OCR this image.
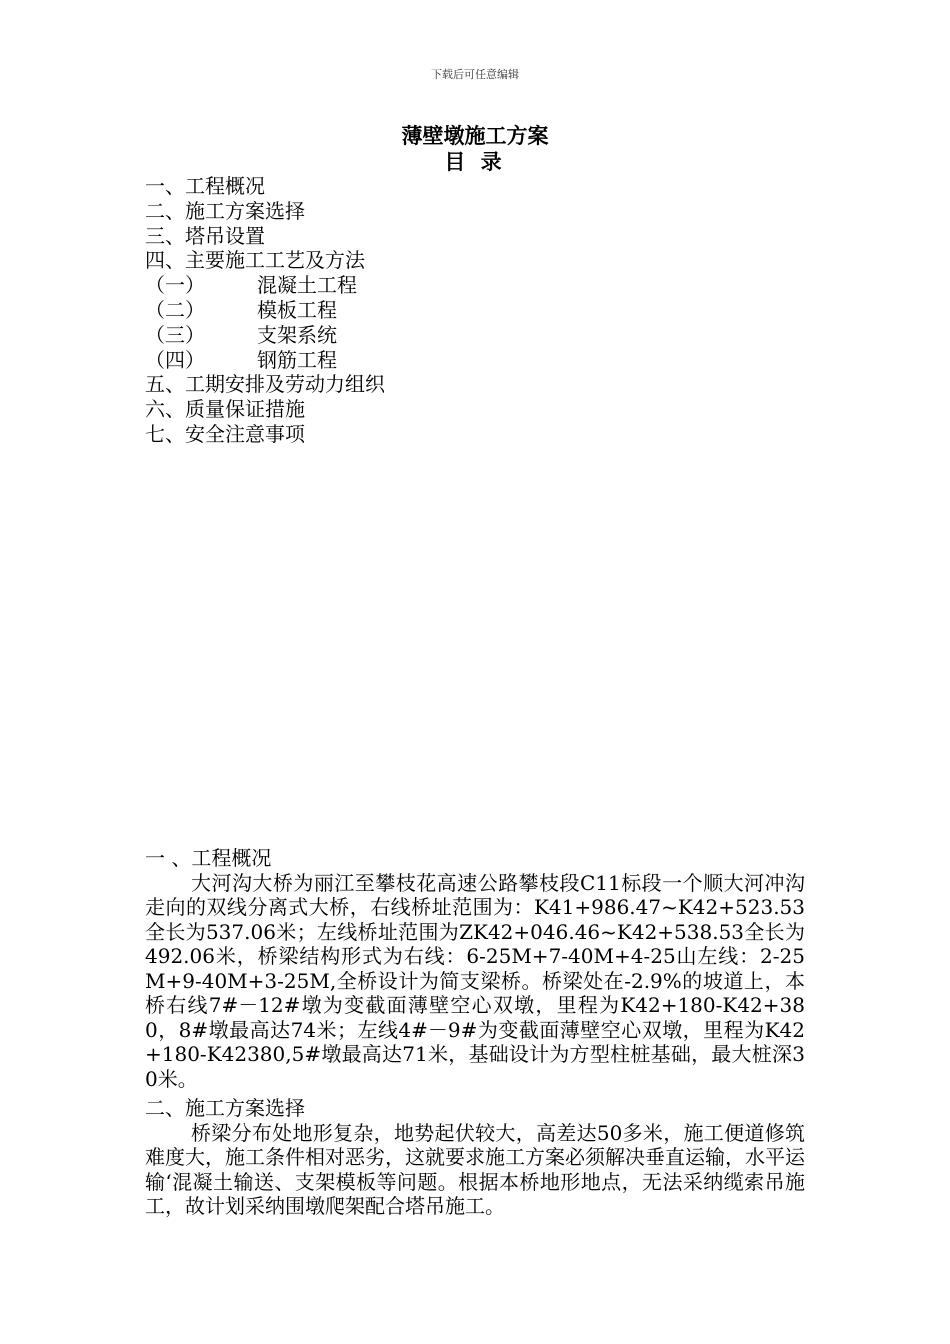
下载后可任意编辑
薄壁墩施工方案
目 录
一、工程概况
二、施工方案选择
三、塔吊设置
四、主要施工工艺及方法
（一）	混凝土工程
（二）	模板工程
（三）	支架系统
（四）	钢筋工程
五、工期安排及劳动力组织
六、质量保证措施
七、安全注意事项
一 、工程概况
大河沟大桥为丽江至攀枝花高速公路攀枝段C11标段一个顺大河冲沟走向的双线分离式大桥，右线桥址范围为：K41+986.47~K42+523.53全长为537.06米；左线桥址范围为ZK42+046.46~K42+538.53全长为492.06米，桥梁结构形式为右线：6-25M+7-40M+4-25山左线：2-25M+9-40M+3-25M,全桥设计为简支梁桥。桥梁处在-2.9%的坡道上，本桥右线7#－12#墩为变截面薄壁空心双墩，里程为K42+180-K42+380，8#墩最高达74米；左线4#－9#为变截面薄壁空心双墩，里程为K42+180-K42380,5#墩最高达71米，基础设计为方型柱桩基础，最大桩深30米。
二、施工方案选择
桥梁分布处地形复杂，地势起伏较大，高差达50多米，施工便道修筑难度大，施工条件相对恶劣，这就要求施工方案必须解决垂直运输，水平运输‘混凝土输送、支架模板等问题。根据本桥地形地点，无法采纳缆索吊施工，故计划采纳围墩爬架配合塔吊施工。
